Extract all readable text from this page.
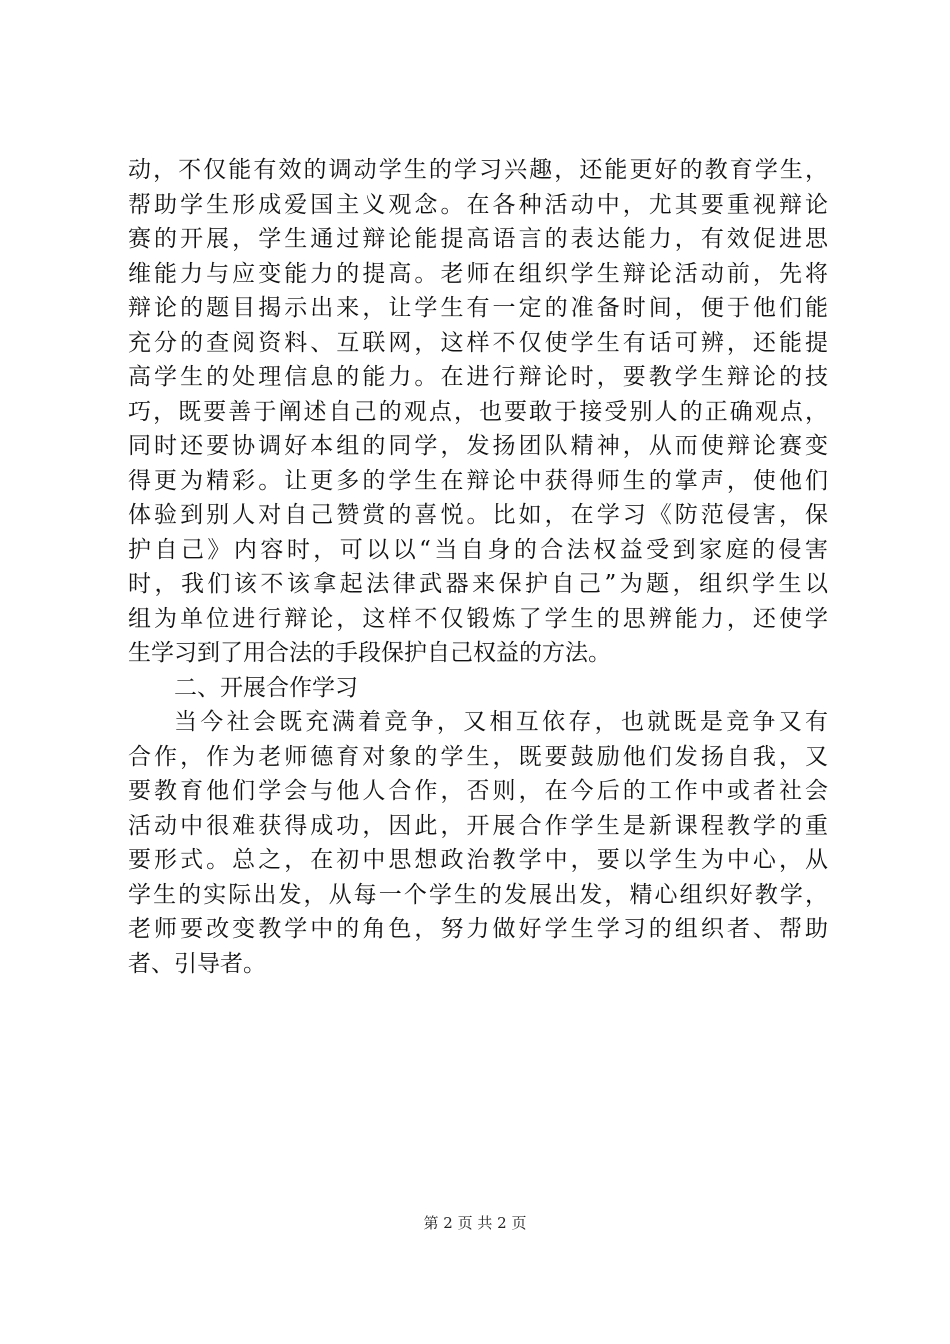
动，不仅能有效的调动学生的学习兴趣，还能更好的教育学生，
帮助学生形成爱国主义观念。在各种活动中，尤其要重视辩论
赛的开展，学生通过辩论能提高语言的表达能力，有效促进思
维能力与应变能力的提高。老师在组织学生辩论活动前，先将
辩论的题目揭示出来，让学生有一定的准备时间，便于他们能
充分的查阅资料、互联网，这样不仅使学生有话可辨，还能提
高学生的处理信息的能力。在进行辩论时，要教学生辩论的技
巧，既要善于阐述自己的观点，也要敢于接受别人的正确观点，
同时还要协调好本组的同学，发扬团队精神，从而使辩论赛变
得更为精彩。让更多的学生在辩论中获得师生的掌声，使他们
体验到别人对自己赞赏的喜悦。比如，在学习《防范侵害，保
护自己》内容时，可以以“当自身的合法权益受到家庭的侵害
时，我们该不该拿起法律武器来保护自己”为题，组织学生以
组为单位进行辩论，这样不仅锻炼了学生的思辨能力，还使学
生学习到了用合法的手段保护自己权益的方法。
二、开展合作学习
当今社会既充满着竞争，又相互依存，也就既是竞争又有
合作，作为老师德育对象的学生，既要鼓励他们发扬自我，又
要教育他们学会与他人合作，否则，在今后的工作中或者社会
活动中很难获得成功，因此，开展合作学生是新课程教学的重
要形式。总之，在初中思想政治教学中，要以学生为中心，从
学生的实际出发，从每一个学生的发展出发，精心组织好教学，
老师要改变教学中的角色，努力做好学生学习的组织者、帮助
者、引导者。
第 2 页 共 2 页
